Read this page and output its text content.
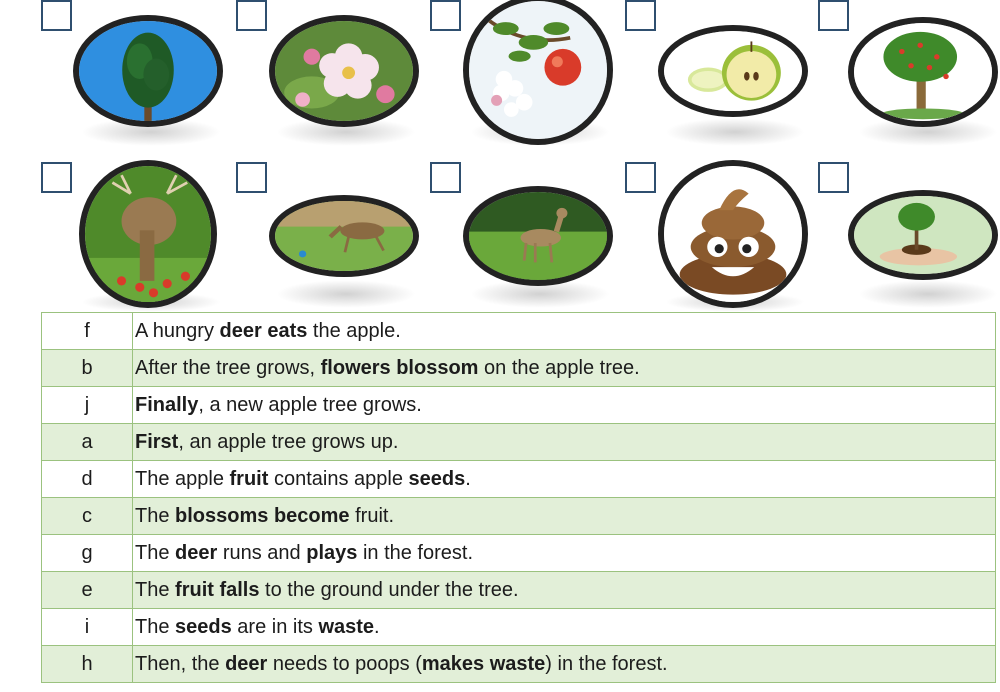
f	A hungry deer eats the apple.
b	After the tree grows, flowers blossom on the apple tree.
j	Finally, a new apple tree grows.
a	First, an apple tree grows up.
d	The apple fruit contains apple seeds.
c	The blossoms become fruit.
g	The deer runs and plays in the forest.
e	The fruit falls to the ground under the tree.
i	The seeds are in its waste.
h	Then, the deer needs to poops (makes waste) in the forest.
